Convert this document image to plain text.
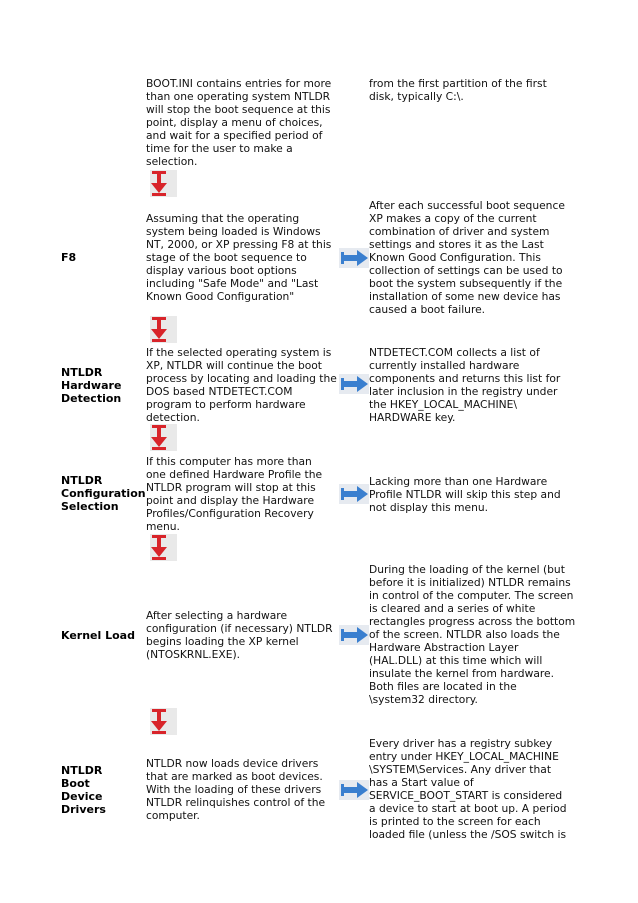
BOOT.INI contains entries for more
than one operating system NTLDR
will stop the boot sequence at this
point, display a menu of choices,
and wait for a specified period of
time for the user to make a
selection.

from the first partition of the first
disk, typically C:\.

F8

Assuming that the operating
system being loaded is Windows
NT, 2000, or XP pressing F8 at this
stage of the boot sequence to
display various boot options
including "Safe Mode" and "Last
Known Good Configuration"

After each successful boot sequence
XP makes a copy of the current
combination of driver and system
settings and stores it as the Last
Known Good Configuration. This
collection of settings can be used to
boot the system subsequently if the
installation of some new device has
caused a boot failure.

NTLDR
Hardware
Detection

If the selected operating system is
XP, NTLDR will continue the boot
process by locating and loading the
DOS based NTDETECT.COM
program to perform hardware
detection.

NTDETECT.COM collects a list of
currently installed hardware
components and returns this list for
later inclusion in the registry under
the HKEY_LOCAL_MACHINE\
HARDWARE key.

NTLDR
Configuration
Selection

If this computer has more than
one defined Hardware Profile the
NTLDR program will stop at this
point and display the Hardware
Profiles/Configuration Recovery
menu.

Lacking more than one Hardware
Profile NTLDR will skip this step and
not display this menu.

Kernel Load

After selecting a hardware
configuration (if necessary) NTLDR
begins loading the XP kernel
(NTOSKRNL.EXE).

During the loading of the kernel (but
before it is initialized) NTLDR remains
in control of the computer. The screen
is cleared and a series of white
rectangles progress across the bottom
of the screen. NTLDR also loads the
Hardware Abstraction Layer
(HAL.DLL) at this time which will
insulate the kernel from hardware.
Both files are located in the
\system32 directory.

NTLDR
Boot
Device
Drivers

NTLDR now loads device drivers
that are marked as boot devices.
With the loading of these drivers
NTLDR relinquishes control of the
computer.

Every driver has a registry subkey
entry under HKEY_LOCAL_MACHINE
\SYSTEM\Services. Any driver that
has a Start value of
SERVICE_BOOT_START is considered
a device to start at boot up. A period
is printed to the screen for each
loaded file (unless the /SOS switch is
